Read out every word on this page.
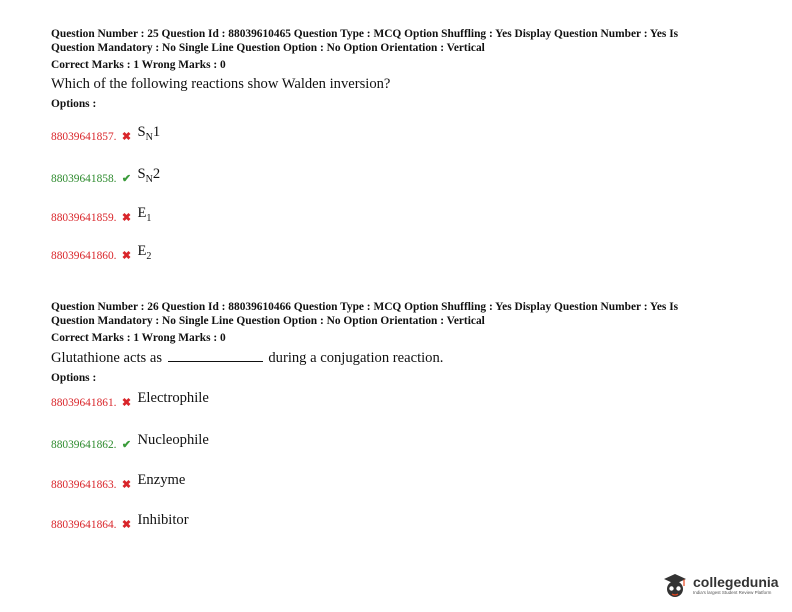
Question Number : 25 Question Id : 88039610465 Question Type : MCQ Option Shuffling : Yes Display Question Number : Yes Is

Question Mandatory : No Single Line Question Option : No Option Orientation : Vertical

Correct Marks : 1 Wrong Marks : 0
Which of the following reactions show Walden inversion?
Options :
88039641857. ✖ $S_N1$
88039641858. ✔ $S_N2$
88039641859. ✖ $E_1$
88039641860. ✖ $E_2$
88039641861. ✖ Electrophile
88039641862. ✔ Nucleophile
88039641863. ✖ Enzyme
88039641864. ✖ Inhibitor

Question Number : 26 Question Id : 88039610466 Question Type : MCQ Option Shuffling : Yes Display Question Number : Yes Is

Question Mandatory : No Single Line Question Option : No Option Orientation : Vertical

Correct Marks : 1 Wrong Marks : 0
Glutathione acts as	during a conjugation reaction.
Options :
collegedunia
India's largest Student Review Platform
